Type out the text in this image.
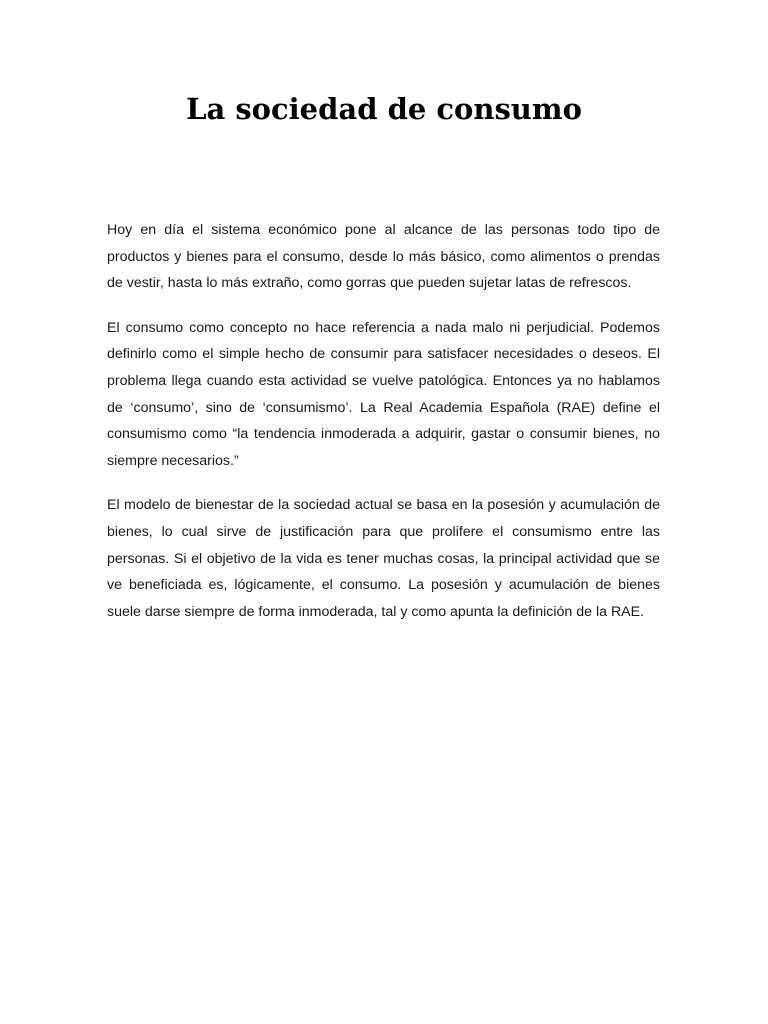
La sociedad de consumo

Hoy en día el sistema económico pone al alcance de las personas todo tipo de productos y bienes para el consumo, desde lo más básico, como alimentos o prendas de vestir, hasta lo más extraño, como gorras que pueden sujetar latas de refrescos.

El consumo como concepto no hace referencia a nada malo ni perjudicial. Podemos definirlo como el simple hecho de consumir para satisfacer necesidades o deseos. El problema llega cuando esta actividad se vuelve patológica. Entonces ya no hablamos de ‘consumo’, sino de ‘consumismo’. La Real Academia Española (RAE) define el consumismo como “la tendencia inmoderada a adquirir, gastar o consumir bienes, no siempre necesarios.”

El modelo de bienestar de la sociedad actual se basa en la posesión y acumulación de bienes, lo cual sirve de justificación para que prolifere el consumismo entre las personas. Si el objetivo de la vida es tener muchas cosas, la principal actividad que se ve beneficiada es, lógicamente, el consumo. La posesión y acumulación de bienes suele darse siempre de forma inmoderada, tal y como apunta la definición de la RAE.
